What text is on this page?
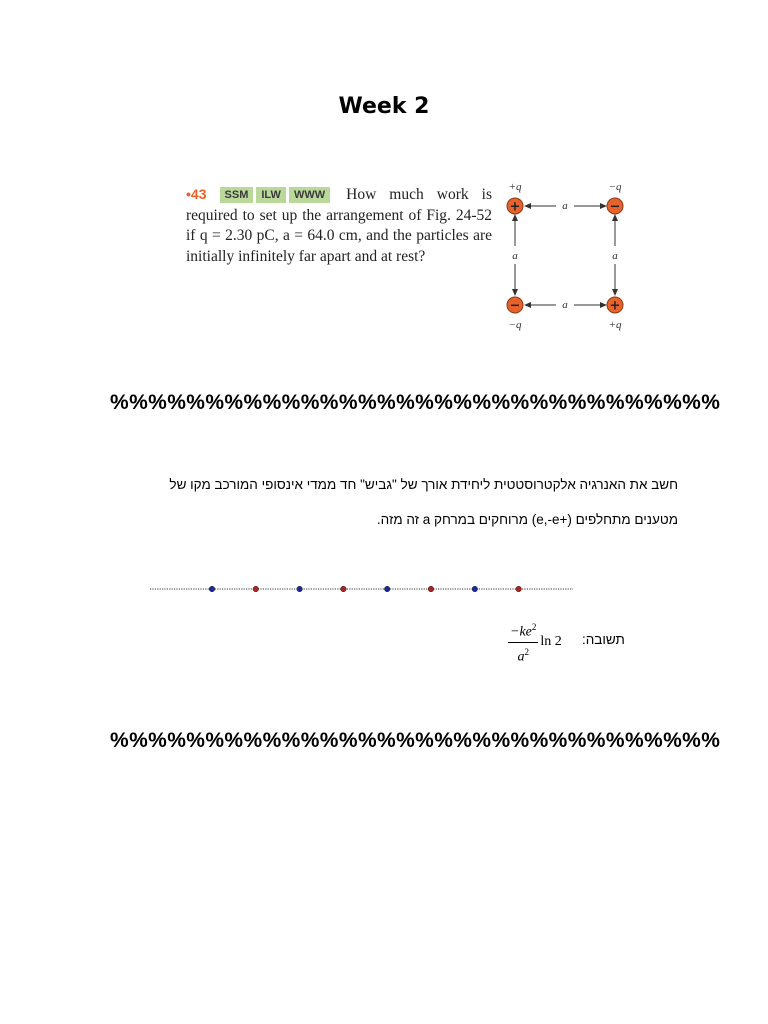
Week 2
•43 SSM ILW WWW How much work is required to set up the arrangement of Fig. 24-52 if q = 2.30 pC, a = 64.0 cm, and the particles are initially infinitely far apart and at rest?
a
a
a	a
+q	−q
−q	+q
+	−
−	+
%%%%%%%%%%%%%%%%%%%%%%%%%%%%%%%%
חשב את האנרגיה אלקטרוסטטית ליחידת אורך של "גביש" חד ממדי אינסופי המורכב מקו של
מטענים מתחלפים (+e,-e) מרוחקים במרחק a זה מזה.
$\frac{-ke^2}{a^2}$ ln 2 תשובה:
%%%%%%%%%%%%%%%%%%%%%%%%%%%%%%%%
